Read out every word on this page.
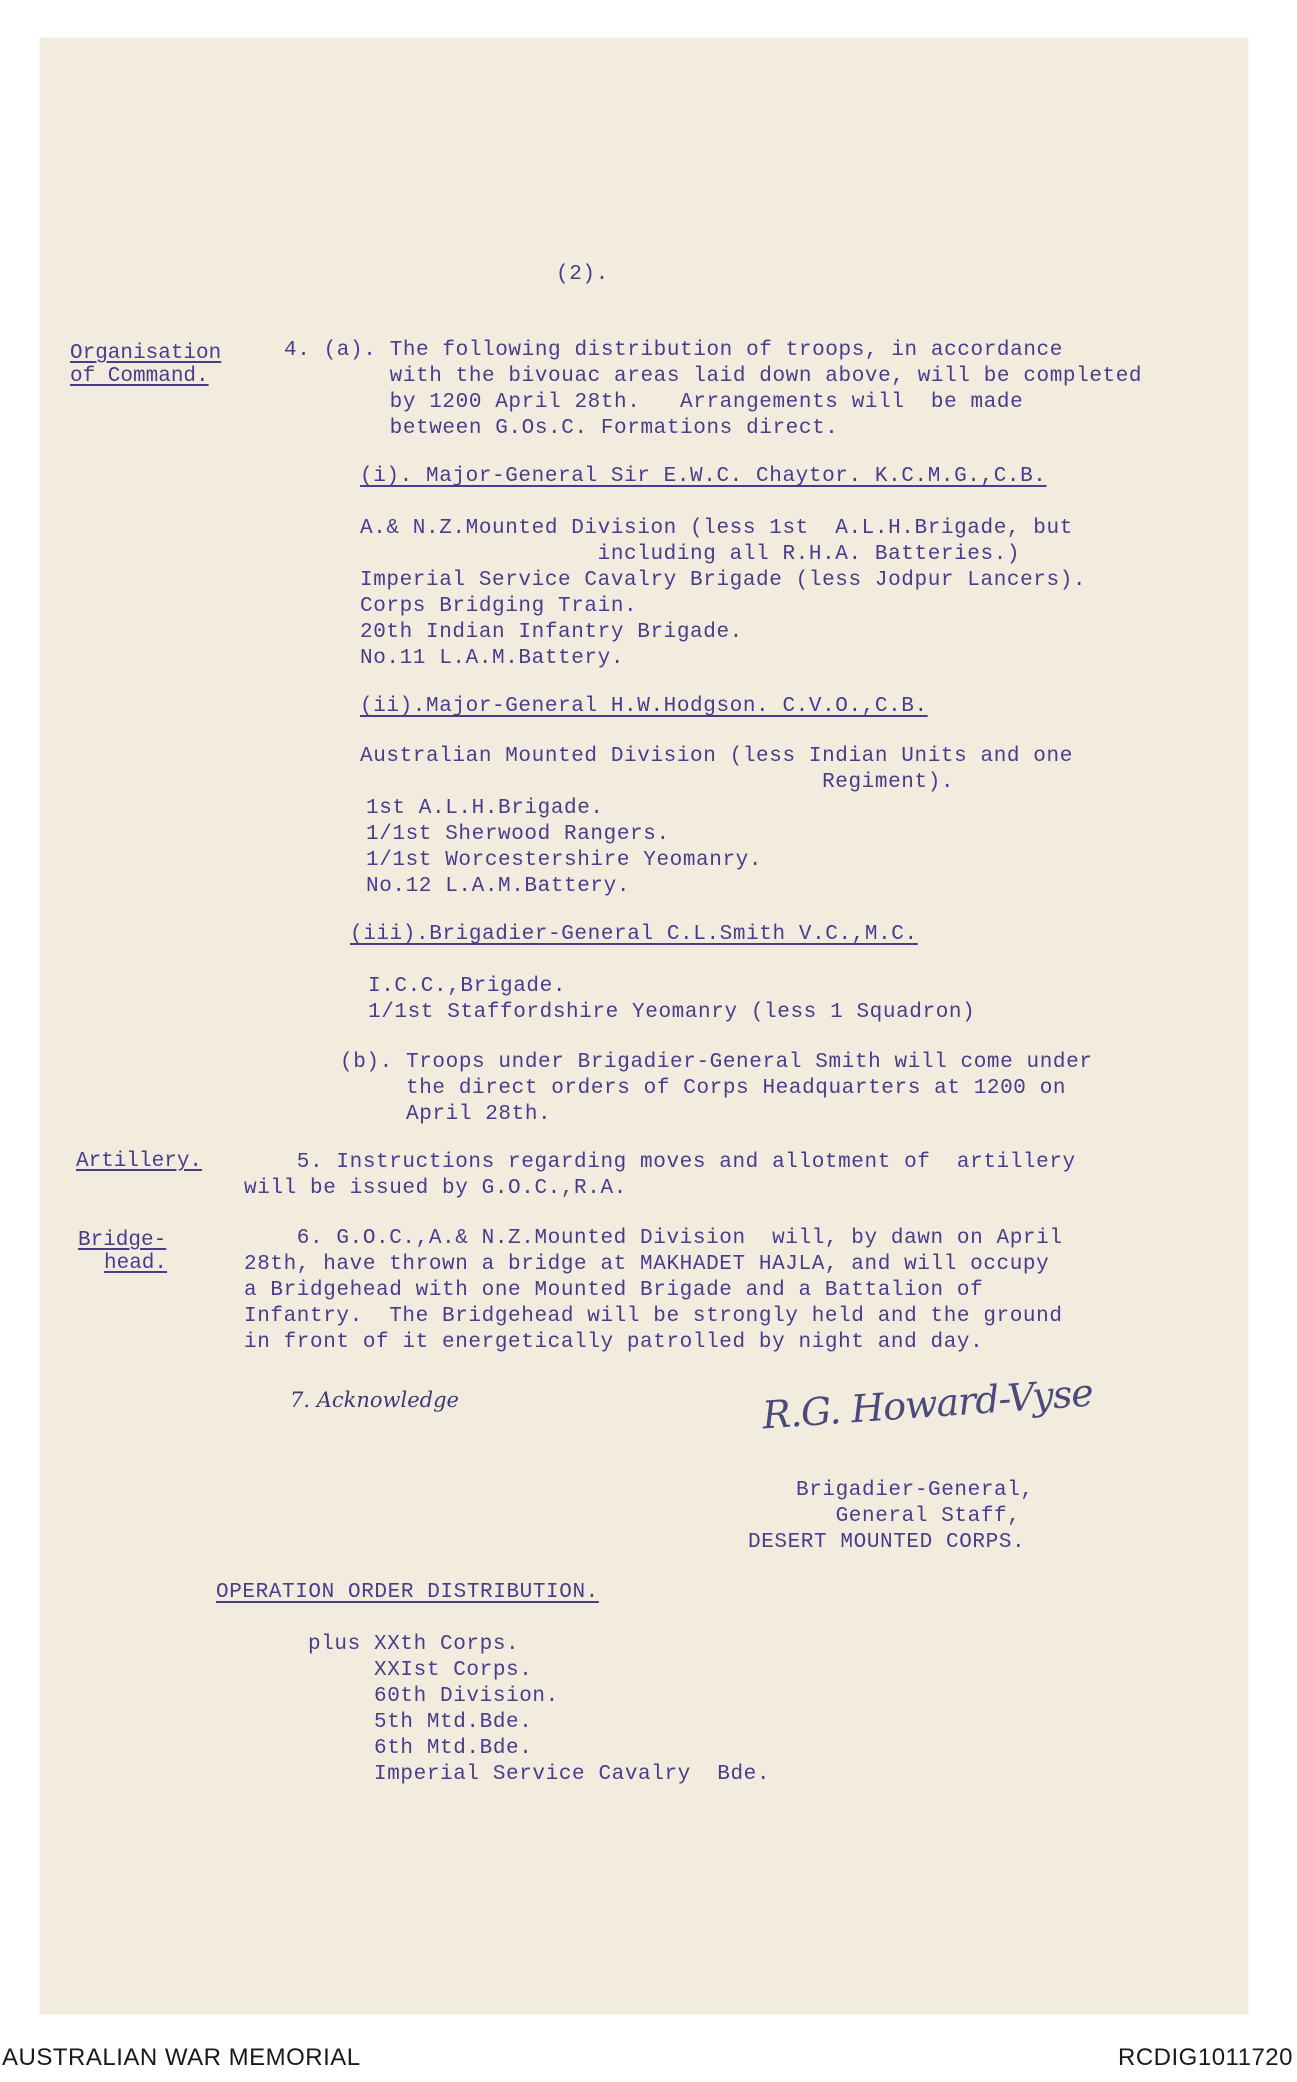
(2).
Organisation
of Command.
Artillery.
Bridge-
head.
4. (a). The following distribution of troops, in accordance
with the bivouac areas laid down above, will be completed
by 1200 April 28th.   Arrangements will  be made
between G.Os.C. Formations direct.
(i). Major-General Sir E.W.C. Chaytor. K.C.M.G.,C.B.
A.& N.Z.Mounted Division (less 1st  A.L.H.Brigade, but
including all R.H.A. Batteries.)
Imperial Service Cavalry Brigade (less Jodpur Lancers).
Corps Bridging Train.
20th Indian Infantry Brigade.
No.11 L.A.M.Battery.
(ii).Major-General H.W.Hodgson. C.V.O.,C.B.
Australian Mounted Division (less Indian Units and one
Regiment).
1st A.L.H.Brigade.
1/1st Sherwood Rangers.
1/1st Worcestershire Yeomanry.
No.12 L.A.M.Battery.
(iii).Brigadier-General C.L.Smith V.C.,M.C.
I.C.C.,Brigade.
1/1st Staffordshire Yeomanry (less 1 Squadron)
(b). Troops under Brigadier-General Smith will come under
the direct orders of Corps Headquarters at 1200 on
April 28th.
5. Instructions regarding moves and allotment of  artillery
will be issued by G.O.C.,R.A.
6. G.O.C.,A.& N.Z.Mounted Division  will, by dawn on April
28th, have thrown a bridge at MAKHADET HAJLA, and will occupy
a Bridgehead with one Mounted Brigade and a Battalion of
Infantry.  The Bridgehead will be strongly held and the ground
in front of it energetically patrolled by night and day.
7. Acknowledge	R.G. Howard-Vyse
Brigadier-General,
General Staff,
DESERT MOUNTED CORPS.
OPERATION ORDER DISTRIBUTION.
plus XXth Corps.
XXIst Corps.
60th Division.
5th Mtd.Bde.
6th Mtd.Bde.
Imperial Service Cavalry  Bde.
AUSTRALIAN WAR MEMORIAL	RCDIG1011720
